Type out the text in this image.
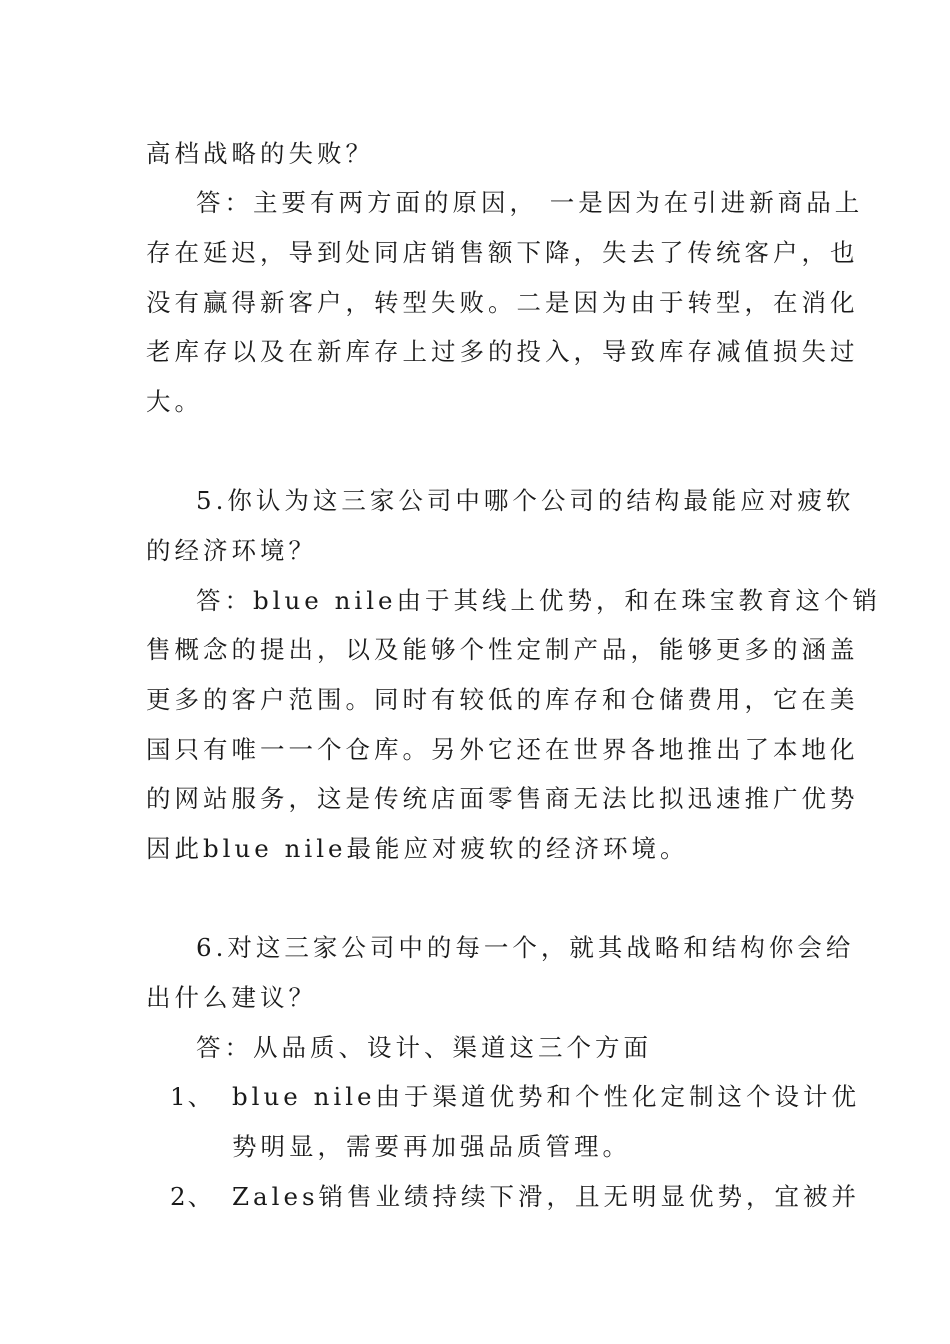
高档战略的失败？
答：主要有两方面的原因， 一是因为在引进新商品上
存在延迟，导到处同店销售额下降，失去了传统客户，也
没有赢得新客户，转型失败。二是因为由于转型，在消化
老库存以及在新库存上过多的投入，导致库存减值损失过
大。
5.你认为这三家公司中哪个公司的结构最能应对疲软
的经济环境？
答：blue nile由于其线上优势，和在珠宝教育这个销
售概念的提出，以及能够个性定制产品，能够更多的涵盖
更多的客户范围。同时有较低的库存和仓储费用，它在美
国只有唯一一个仓库。另外它还在世界各地推出了本地化
的网站服务，这是传统店面零售商无法比拟迅速推广优势
因此blue nile最能应对疲软的经济环境。
6.对这三家公司中的每一个，就其战略和结构你会给
出什么建议？
答：从品质、设计、渠道这三个方面
1、 blue nile由于渠道优势和个性化定制这个设计优
势明显，需要再加强品质管理。
2、 Zales销售业绩持续下滑，且无明显优势，宜被并
